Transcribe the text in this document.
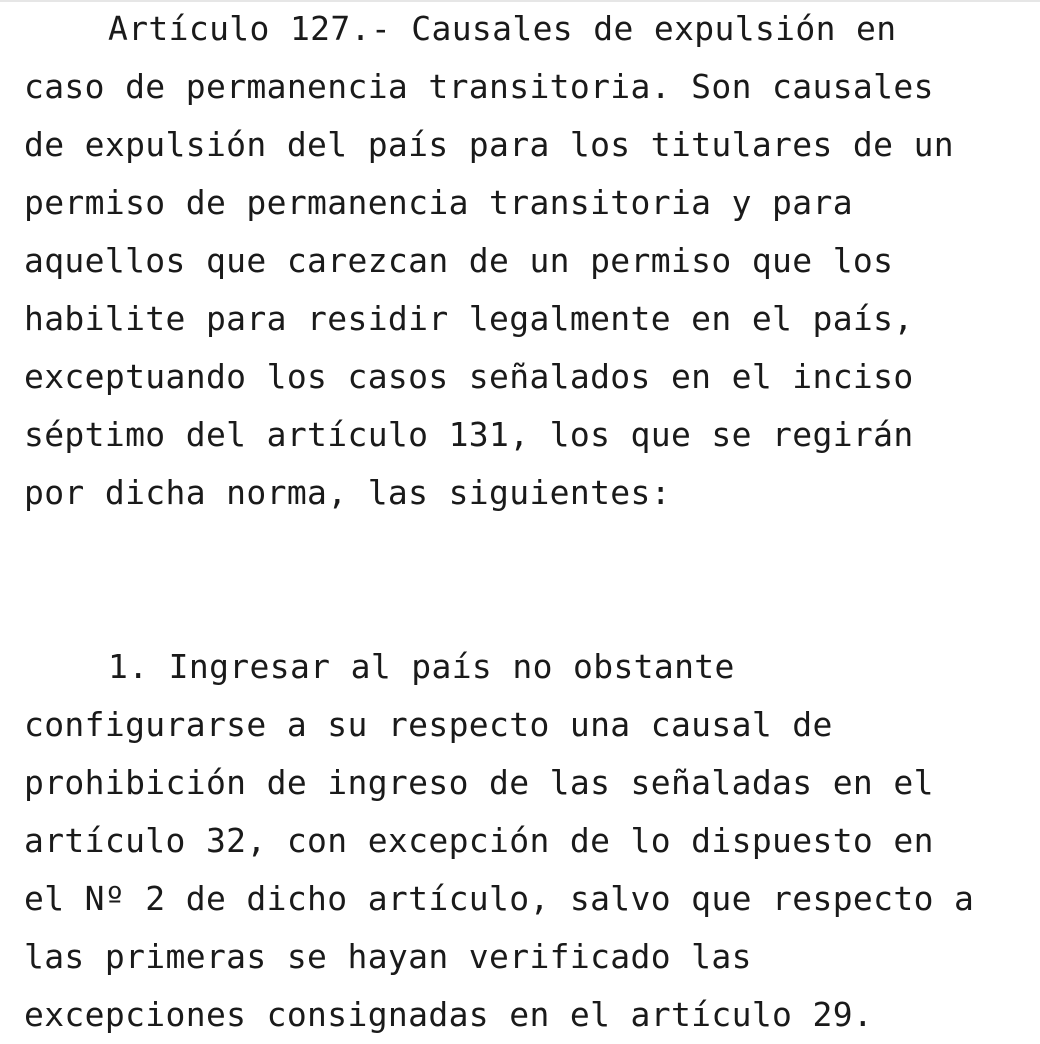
Artículo 127.- Causales de expulsión en
caso de permanencia transitoria. Son causales
de expulsión del país para los titulares de un
permiso de permanencia transitoria y para
aquellos que carezcan de un permiso que los
habilite para residir legalmente en el país,
exceptuando los casos señalados en el inciso
séptimo del artículo 131, los que se regirán
por dicha norma, las siguientes:
1. Ingresar al país no obstante
configurarse a su respecto una causal de
prohibición de ingreso de las señaladas en el
artículo 32, con excepción de lo dispuesto en
el Nº 2 de dicho artículo, salvo que respecto a
las primeras se hayan verificado las
excepciones consignadas en el artículo 29.
